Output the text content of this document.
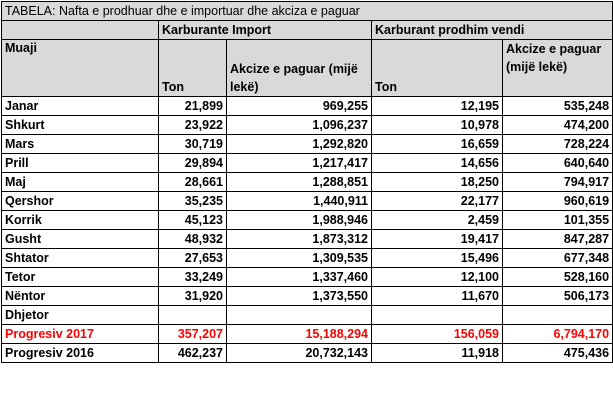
TABELA: Nafta e prodhuar dhe e importuar dhe akciza e paguar				
	Karburante Import		Karburant prodhim vendi	
Muaji	Ton	Akcize e paguar (mijë lekë)	Ton	Akcize e paguar (mijë lekë)
Janar	21,899	969,255	12,195	535,248
Shkurt	23,922	1,096,237	10,978	474,200
Mars	30,719	1,292,820	16,659	728,224
Prill	29,894	1,217,417	14,656	640,640
Maj	28,661	1,288,851	18,250	794,917
Qershor	35,235	1,440,911	22,177	960,619
Korrik	45,123	1,988,946	2,459	101,355
Gusht	48,932	1,873,312	19,417	847,287
Shtator	27,653	1,309,535	15,496	677,348
Tetor	33,249	1,337,460	12,100	528,160
Nëntor	31,920	1,373,550	11,670	506,173
Dhjetor				
Progresiv 2017	357,207	15,188,294	156,059	6,794,170
Progresiv 2016	462,237	20,732,143	11,918	475,436
